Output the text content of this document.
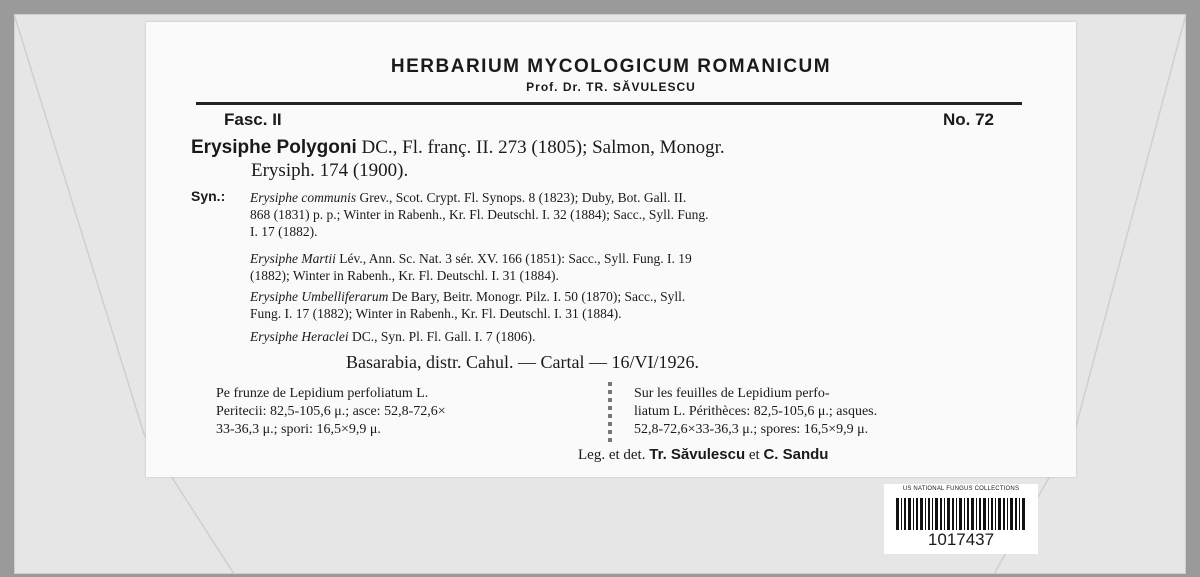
HERBARIUM MYCOLOGICUM ROMANICUM
Prof. Dr. TR. SĂVULESCU
Fasc. II	No. 72
Erysiphe Polygoni DC., Fl. franç. II. 273 (1805); Salmon, Monogr.
Erysiph. 174 (1900).
Syn.: Erysiphe communis Grev., Scot. Crypt. Fl. Synops. 8 (1823); Duby, Bot. Gall. II.
868 (1831) p. p.; Winter in Rabenh., Kr. Fl. Deutschl. I. 32 (1884); Sacc., Syll. Fung.
I. 17 (1882).
Erysiphe Martii Lév., Ann. Sc. Nat. 3 sér. XV. 166 (1851): Sacc., Syll. Fung. I. 19
(1882); Winter in Rabenh., Kr. Fl. Deutschl. I. 31 (1884).
Erysiphe Umbelliferarum De Bary, Beitr. Monogr. Pilz. I. 50 (1870); Sacc., Syll.
Fung. I. 17 (1882); Winter in Rabenh., Kr. Fl. Deutschl. I. 31 (1884).
Erysiphe Heraclei DC., Syn. Pl. Fl. Gall. I. 7 (1806).
Basarabia, distr. Cahul. — Cartal — 16/VI/1926.
Pe frunze de Lepidium perfoliatum L.
Peritecii: 82,5-105,6 μ.; asce: 52,8-72,6×
33-36,3 μ.; spori: 16,5×9,9 μ.
Sur les feuilles de Lepidium perfo-
liatum L. Périthèces: 82,5-105,6 μ.; asques.
52,8-72,6×33-36,3 μ.; spores: 16,5×9,9 μ.
Leg. et det. Tr. Săvulescu et C. Sandu
US NATIONAL FUNGUS COLLECTIONS
1017437
